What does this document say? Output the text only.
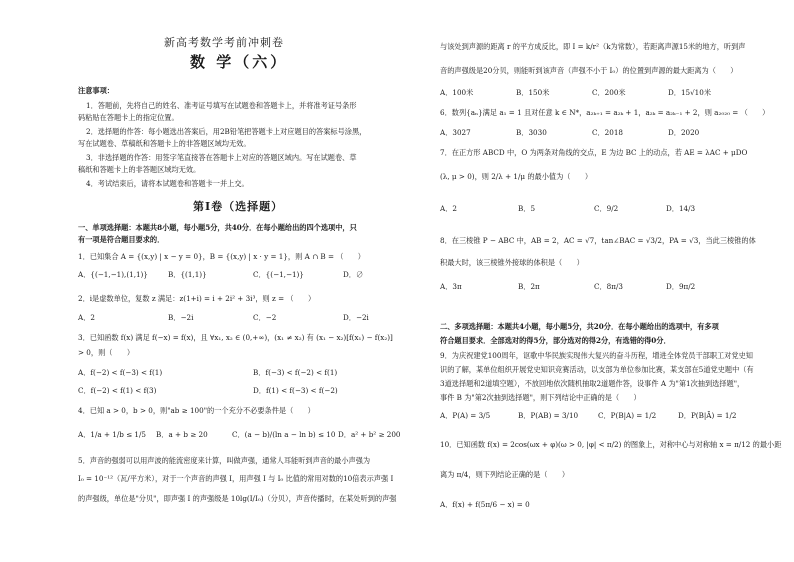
新高考数学考前冲刺卷
数 学（六）
注意事项：
1．答题前，先将自己的姓名、准考证号填写在试题卷和答题卡上，并将准考证号条形
码粘贴在答题卡上的指定位置。
2．选择题的作答：每小题选出答案后，用2B铅笔把答题卡上对应题目的答案标号涂黑，
写在试题卷、草稿纸和答题卡上的非答题区域均无效。
3．非选择题的作答：用签字笔直接答在答题卡上对应的答题区域内。写在试题卷、草
稿纸和答题卡上的非答题区域均无效。
4．考试结束后，请将本试题卷和答题卡一并上交。
第Ⅰ卷（选择题）
一、单项选择题：本题共8小题，每小题5分，共40分．在每小题给出的四个选项中，只
有一项是符合题目要求的．
1．已知集合 A = {(x,y) | x − y = 0}，B = {(x,y) | x · y = 1}，则 A ∩ B = （　　）
A．{(−1,−1),(1,1)}	B．{(1,1)}	C．{(−1,−1)}	D．∅
2．i是虚数单位，复数 z 满足：z(1+i) = i + 2i² + 3i³，则 z = （　　）
A．2	B．−2i	C．−2	D．−2i
3．已知函数 f(x) 满足 f(−x) = f(x)，且 ∀x₁, x₂ ∈ (0,+∞)，(x₁ ≠ x₂) 有 (x₁ − x₂)[f(x₁) − f(x₂)]
> 0，则（　　）
A．f(−2) < f(−3) < f(1)	B．f(−3) < f(−2) < f(1)
C．f(−2) < f(1) < f(3)	D．f(1) < f(−3) < f(−2)
4．已知 a > 0，b > 0，则"ab ≥ 100"的一个充分不必要条件是（　　）
A．1/a + 1/b ≤ 1/5	B．a + b ≥ 20	C．(a − b)/(ln a − ln b) ≤ 10 D．a² + b² ≥ 200
5．声音的强弱可以用声波的能流密度来计算，叫做声强，通常人耳能听到声音的最小声强为
I₀ = 10⁻¹²（瓦/平方米），对于一个声音的声强 I，用声强 I 与 I₀ 比值的常用对数的10倍表示声强 I
的声强级，单位是"分贝"，即声强 I 的声强级是 10lg(I/I₀)（分贝），声音传播时，在某处听到的声强
与该处到声源的距离 r 的平方成反比，即 I = k/r²（k为常数），若距离声源15米的地方，听到声
音的声强级是20分贝，则能听到该声音（声强不小于 I₀）的位置到声源的最大距离为（　　）
A．100米	B．150米	C．200米	D．15√10米
6．数列{aₙ}满足 a₁ = 1 且对任意 k ∈ N*，a₂ₖ₊₁ = a₂ₖ + 1，a₂ₖ = a₂ₖ₋₁ + 2，则 a₂₀₂₀ = （　　）
A．3027	B．3030	C．2018	D．2020
7．在正方形 ABCD 中，O 为两条对角线的交点，E 为边 BC 上的动点，若 AE = λAC + μDO
(λ, μ > 0)，则 2/λ + 1/μ 的最小值为（　　）
A．2	B．5	C．9/2	D．14/3
8．在三棱锥 P − ABC 中，AB = 2，AC = √7，tan∠BAC = √3/2，PA = √3，当此三棱锥的体
积最大时，该三棱锥外接球的体积是（　　）
A．3π	B．2π	C．8π/3	D．9π/2
二、多项选择题：本题共4小题，每小题5分，共20分．在每小题给出的选项中，有多项
符合题目要求．全部选对的得5分，部分选对的得2分，有选错的得0分．
9．为庆祝建党100周年，讴歌中华民族实现伟大复兴的奋斗历程，增进全体党员干部职工对党史知
识的了解，某单位组织开展党史知识竞赛活动，以支部为单位参加比赛，某支部在5道党史题中（有
3道选择题和2道填空题），不放回地依次随机抽取2道题作答，设事件 A 为"第1次抽到选择题"，
事件 B 为"第2次抽到选择题"，则下列结论中正确的是（　　）
A．P(A) = 3/5	B．P(AB) = 3/10	C．P(B|A) = 1/2	D．P(B|Ā) = 1/2
10．已知函数 f(x) = 2cos(ωx + φ)(ω > 0, |φ| < π/2) 的图象上，对称中心与对称轴 x = π/12 的最小距
离为 π/4，则下列结论正确的是（　　）
A．f(x) + f(5π/6 − x) = 0
